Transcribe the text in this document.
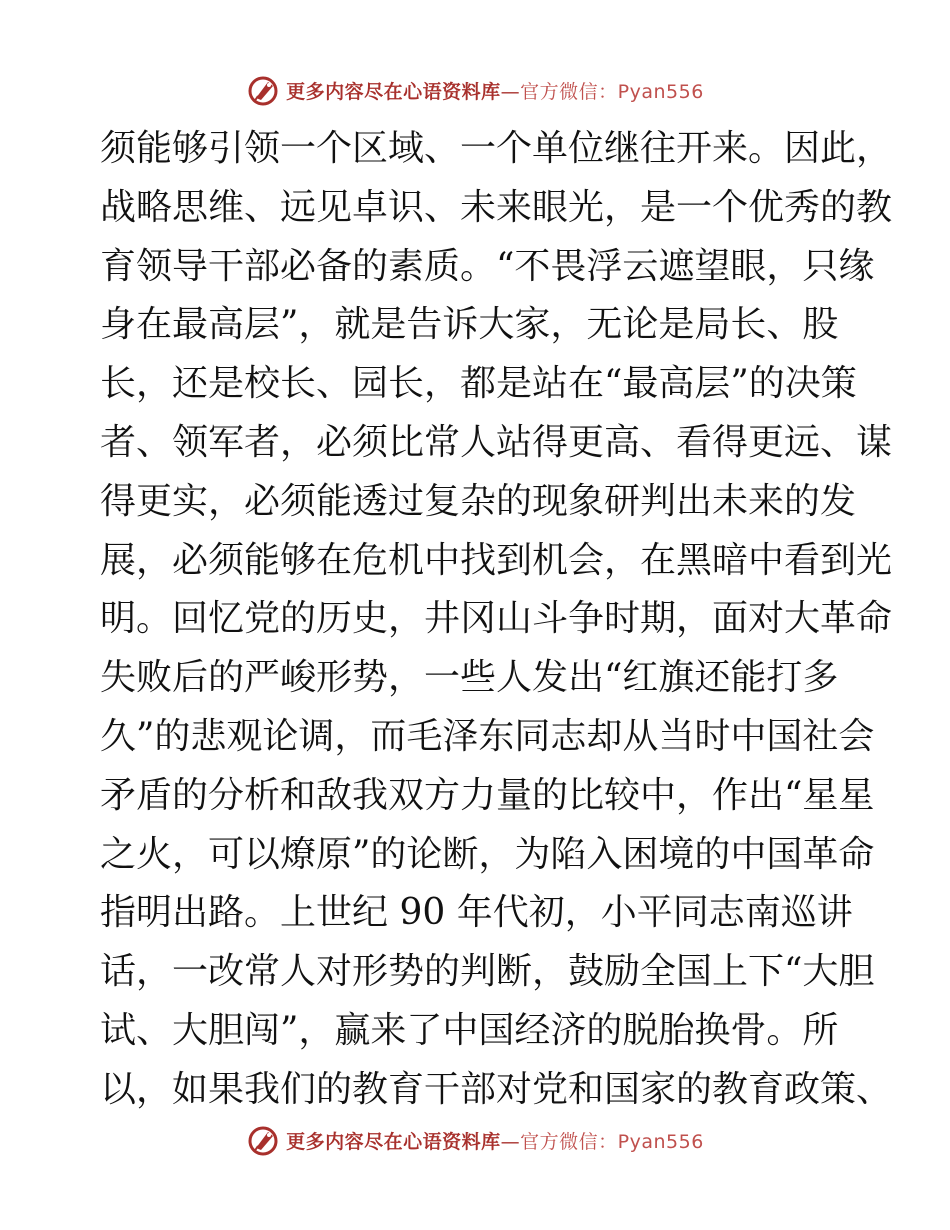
更多内容尽在心语资料库—官方微信：Pyan556
须能够引领一个区域、一个单位继往开来。因此，
战略思维、远见卓识、未来眼光，是一个优秀的教
育领导干部必备的素质。“不畏浮云遮望眼，只缘
身在最高层”，就是告诉大家，无论是局长、股
长，还是校长、园长，都是站在“最高层”的决策
者、领军者，必须比常人站得更高、看得更远、谋
得更实，必须能透过复杂的现象研判出未来的发
展，必须能够在危机中找到机会，在黑暗中看到光
明。回忆党的历史，井冈山斗争时期，面对大革命
失败后的严峻形势，一些人发出“红旗还能打多
久”的悲观论调，而毛泽东同志却从当时中国社会
矛盾的分析和敌我双方力量的比较中，作出“星星
之火，可以燎原”的论断，为陷入困境的中国革命
指明出路。上世纪 90 年代初，小平同志南巡讲
话，一改常人对形势的判断，鼓励全国上下“大胆
试、大胆闯”，赢来了中国经济的脱胎换骨。所
以，如果我们的教育干部对党和国家的教育政策、
更多内容尽在心语资料库—官方微信：Pyan556
